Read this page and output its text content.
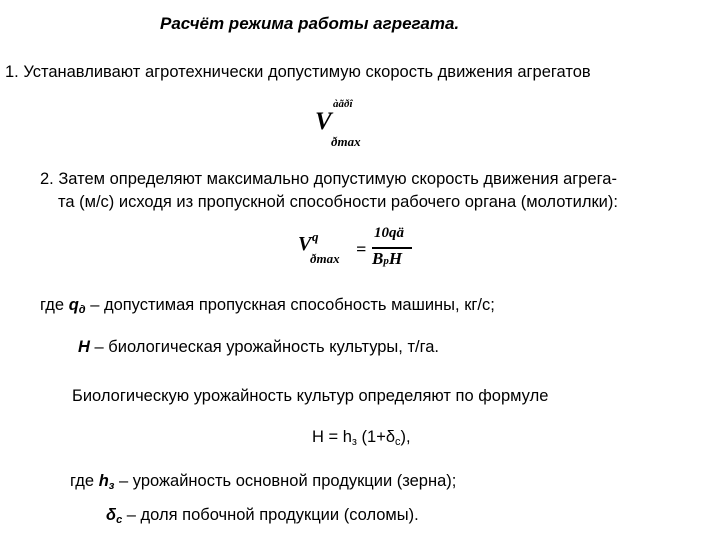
Расчёт режима работы агрегата.
1. Устанавливают агротехнически допустимую скорость движения агрегатов
àãðî
V
ðmax
2. Затем определяют максимально допустимую скорость движения агрега-
та (м/с) исходя из пропускной способности рабочего органа (молотилки):
V q
ðmax =
10qä
BpH
где $q_д$ – допустимая пропускная способность машины, кг/с;
H – биологическая урожайность культуры, т/га.
Биологическую урожайность культур определяют по формуле
$H = h_з$ $(1+\delta_с)$,
где $h_з$ – урожайность основной продукции (зерна);
$\delta_с$ – доля побочной продукции (соломы).
